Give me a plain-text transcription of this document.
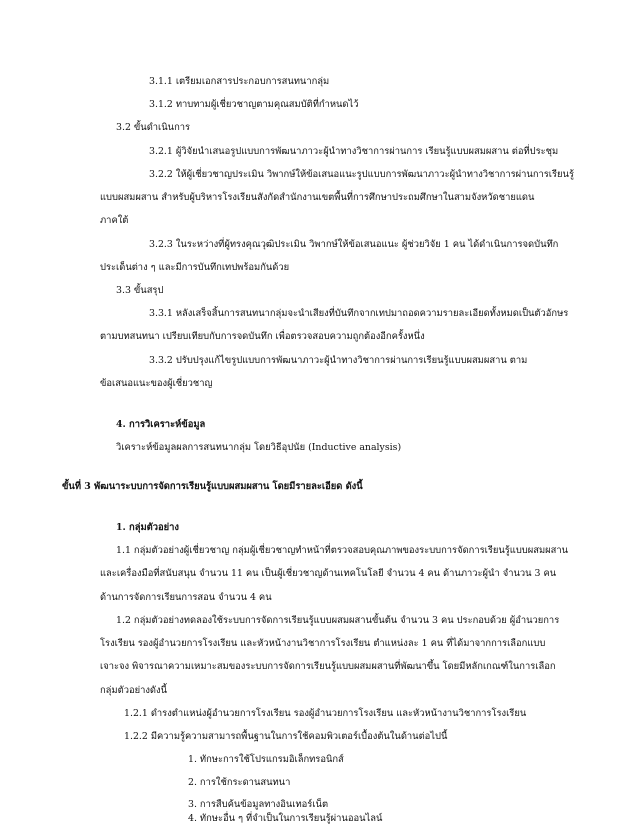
3.1.1 เตรียมเอกสารประกอบการสนทนากลุ่ม
3.1.2 ทาบทามผู้เชี่ยวชาญตามคุณสมบัติที่กำหนดไว้
3.2 ขั้นดำเนินการ
3.2.1 ผู้วิจัยนำเสนอรูปแบบการพัฒนาภาวะผู้นำทางวิชาการผ่านการ เรียนรู้แบบผสมผสาน ต่อที่ประชุม
3.2.2 ให้ผู้เชี่ยวชาญประเมิน วิพากษ์ให้ข้อเสนอแนะรูปแบบการพัฒนาภาวะผู้นำทางวิชาการผ่านการเรียนรู้
แบบผสมผสาน สำหรับผู้บริหารโรงเรียนสังกัดสำนักงานเขตพื้นที่การศึกษาประถมศึกษาในสามจังหวัดชายแดน
ภาคใต้
3.2.3 ในระหว่างที่ผู้ทรงคุณวุฒิประเมิน วิพากษ์ให้ข้อเสนอแนะ ผู้ช่วยวิจัย 1 คน ได้ดำเนินการจดบันทึก
ประเด็นต่าง ๆ และมีการบันทึกเทปพร้อมกันด้วย
3.3 ขั้นสรุป
3.3.1 หลังเสร็จสิ้นการสนทนากลุ่มจะนำเสียงที่บันทึกจากเทปมาถอดความรายละเอียดทั้งหมดเป็นตัวอักษร
ตามบทสนทนา เปรียบเทียบกับการจดบันทึก เพื่อตรวจสอบความถูกต้องอีกครั้งหนึ่ง
3.3.2 ปรับปรุงแก้ไขรูปแบบการพัฒนาภาวะผู้นำทางวิชาการผ่านการเรียนรู้แบบผสมผสาน ตาม
ข้อเสนอแนะของผู้เชี่ยวชาญ
4. การวิเคราะห์ข้อมูล
วิเคราะห์ข้อมูลผลการสนทนากลุ่ม โดยวิธีอุปนัย (Inductive analysis)
ขั้นที่ 3 พัฒนาระบบการจัดการเรียนรู้แบบผสมผสาน โดยมีรายละเอียด ดังนี้
1. กลุ่มตัวอย่าง
1.1 กลุ่มตัวอย่างผู้เชี่ยวชาญ กลุ่มผู้เชี่ยวชาญทำหน้าที่ตรวจสอบคุณภาพของระบบการจัดการเรียนรู้แบบผสมผสาน
และเครื่องมือที่สนับสนุน จำนวน 11 คน เป็นผู้เชี่ยวชาญด้านเทคโนโลยี จำนวน 4 คน ด้านภาวะผู้นำ จำนวน 3 คน
ด้านการจัดการเรียนการสอน จำนวน 4 คน
1.2 กลุ่มตัวอย่างทดลองใช้ระบบการจัดการเรียนรู้แบบผสมผสานขั้นต้น จำนวน 3 คน ประกอบด้วย ผู้อำนวยการ
โรงเรียน รองผู้อำนวยการโรงเรียน และหัวหน้างานวิชาการโรงเรียน ตำแหน่งละ 1 คน ที่ได้มาจากการเลือกแบบ
เจาะจง พิจารณาความเหมาะสมของระบบการจัดการเรียนรู้แบบผสมผสานที่พัฒนาขึ้น โดยมีหลักเกณฑ์ในการเลือก
กลุ่มตัวอย่างดังนี้
1.2.1 ดำรงตำแหน่งผู้อำนวยการโรงเรียน รองผู้อำนวยการโรงเรียน และหัวหน้างานวิชาการโรงเรียน
1.2.2 มีความรู้ความสามารถพื้นฐานในการใช้คอมพิวเตอร์เบื้องต้นในด้านต่อไปนี้
1. ทักษะการใช้โปรแกรมอิเล็กทรอนิกส์
2. การใช้กระดานสนทนา
3. การสืบค้นข้อมูลทางอินเทอร์เน็ต
4. ทักษะอื่น ๆ ที่จำเป็นในการเรียนรู้ผ่านออนไลน์
